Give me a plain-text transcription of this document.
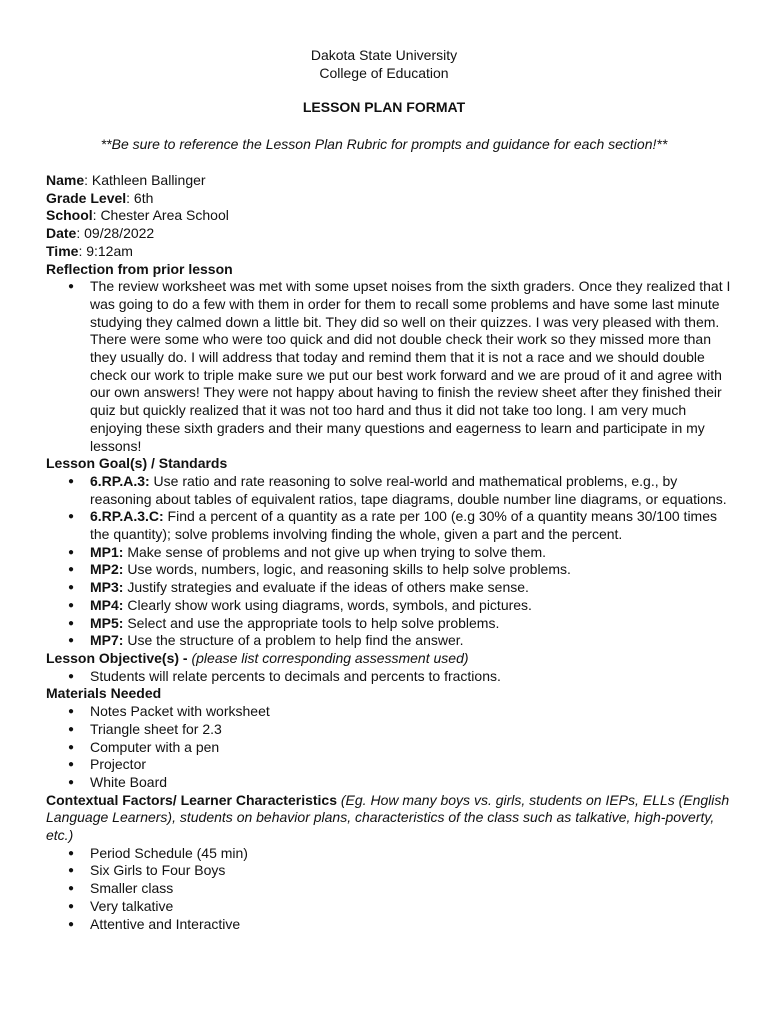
Dakota State University
College of Education
LESSON PLAN FORMAT
**Be sure to reference the Lesson Plan Rubric for prompts and guidance for each section!**
Name: Kathleen Ballinger
Grade Level: 6th
School: Chester Area School
Date: 09/28/2022
Time: 9:12am
Reflection from prior lesson

● The review worksheet was met with some upset noises from the sixth graders. Once they realized that I was going to do a few with them in order for them to recall some problems and have some last minute studying they calmed down a little bit. They did so well on their quizzes. I was very pleased with them. There were some who were too quick and did not double check their work so they missed more than they usually do. I will address that today and remind them that it is not a race and we should double check our work to triple make sure we put our best work forward and we are proud of it and agree with our own answers! They were not happy about having to finish the review sheet after they finished their quiz but quickly realized that it was not too hard and thus it did not take too long. I am very much enjoying these sixth graders and their many questions and eagerness to learn and participate in my lessons!

Lesson Goal(s) / Standards
● 6.RP.A.3: Use ratio and rate reasoning to solve real-world and mathematical problems, e.g., by reasoning about tables of equivalent ratios, tape diagrams, double number line diagrams, or equations.
● 6.RP.A.3.C: Find a percent of a quantity as a rate per 100 (e.g 30% of a quantity means 30/100 times the quantity); solve problems involving finding the whole, given a part and the percent.
● MP1: Make sense of problems and not give up when trying to solve them.
● MP2: Use words, numbers, logic, and reasoning skills to help solve problems.
● MP3: Justify strategies and evaluate if the ideas of others make sense.
● MP4: Clearly show work using diagrams, words, symbols, and pictures.
● MP5: Select and use the appropriate tools to help solve problems.
● MP7: Use the structure of a problem to help find the answer.
Lesson Objective(s) - (please list corresponding assessment used)
● Students will relate percents to decimals and percents to fractions.
Materials Needed
● Notes Packet with worksheet
● Triangle sheet for 2.3
● Computer with a pen
● Projector
● White Board
Contextual Factors/ Learner Characteristics (Eg. How many boys vs. girls, students on IEPs, ELLs (English Language Learners), students on behavior plans, characteristics of the class such as talkative, high-poverty, etc.)
● Period Schedule (45 min)
● Six Girls to Four Boys
● Smaller class
● Very talkative
● Attentive and Interactive
